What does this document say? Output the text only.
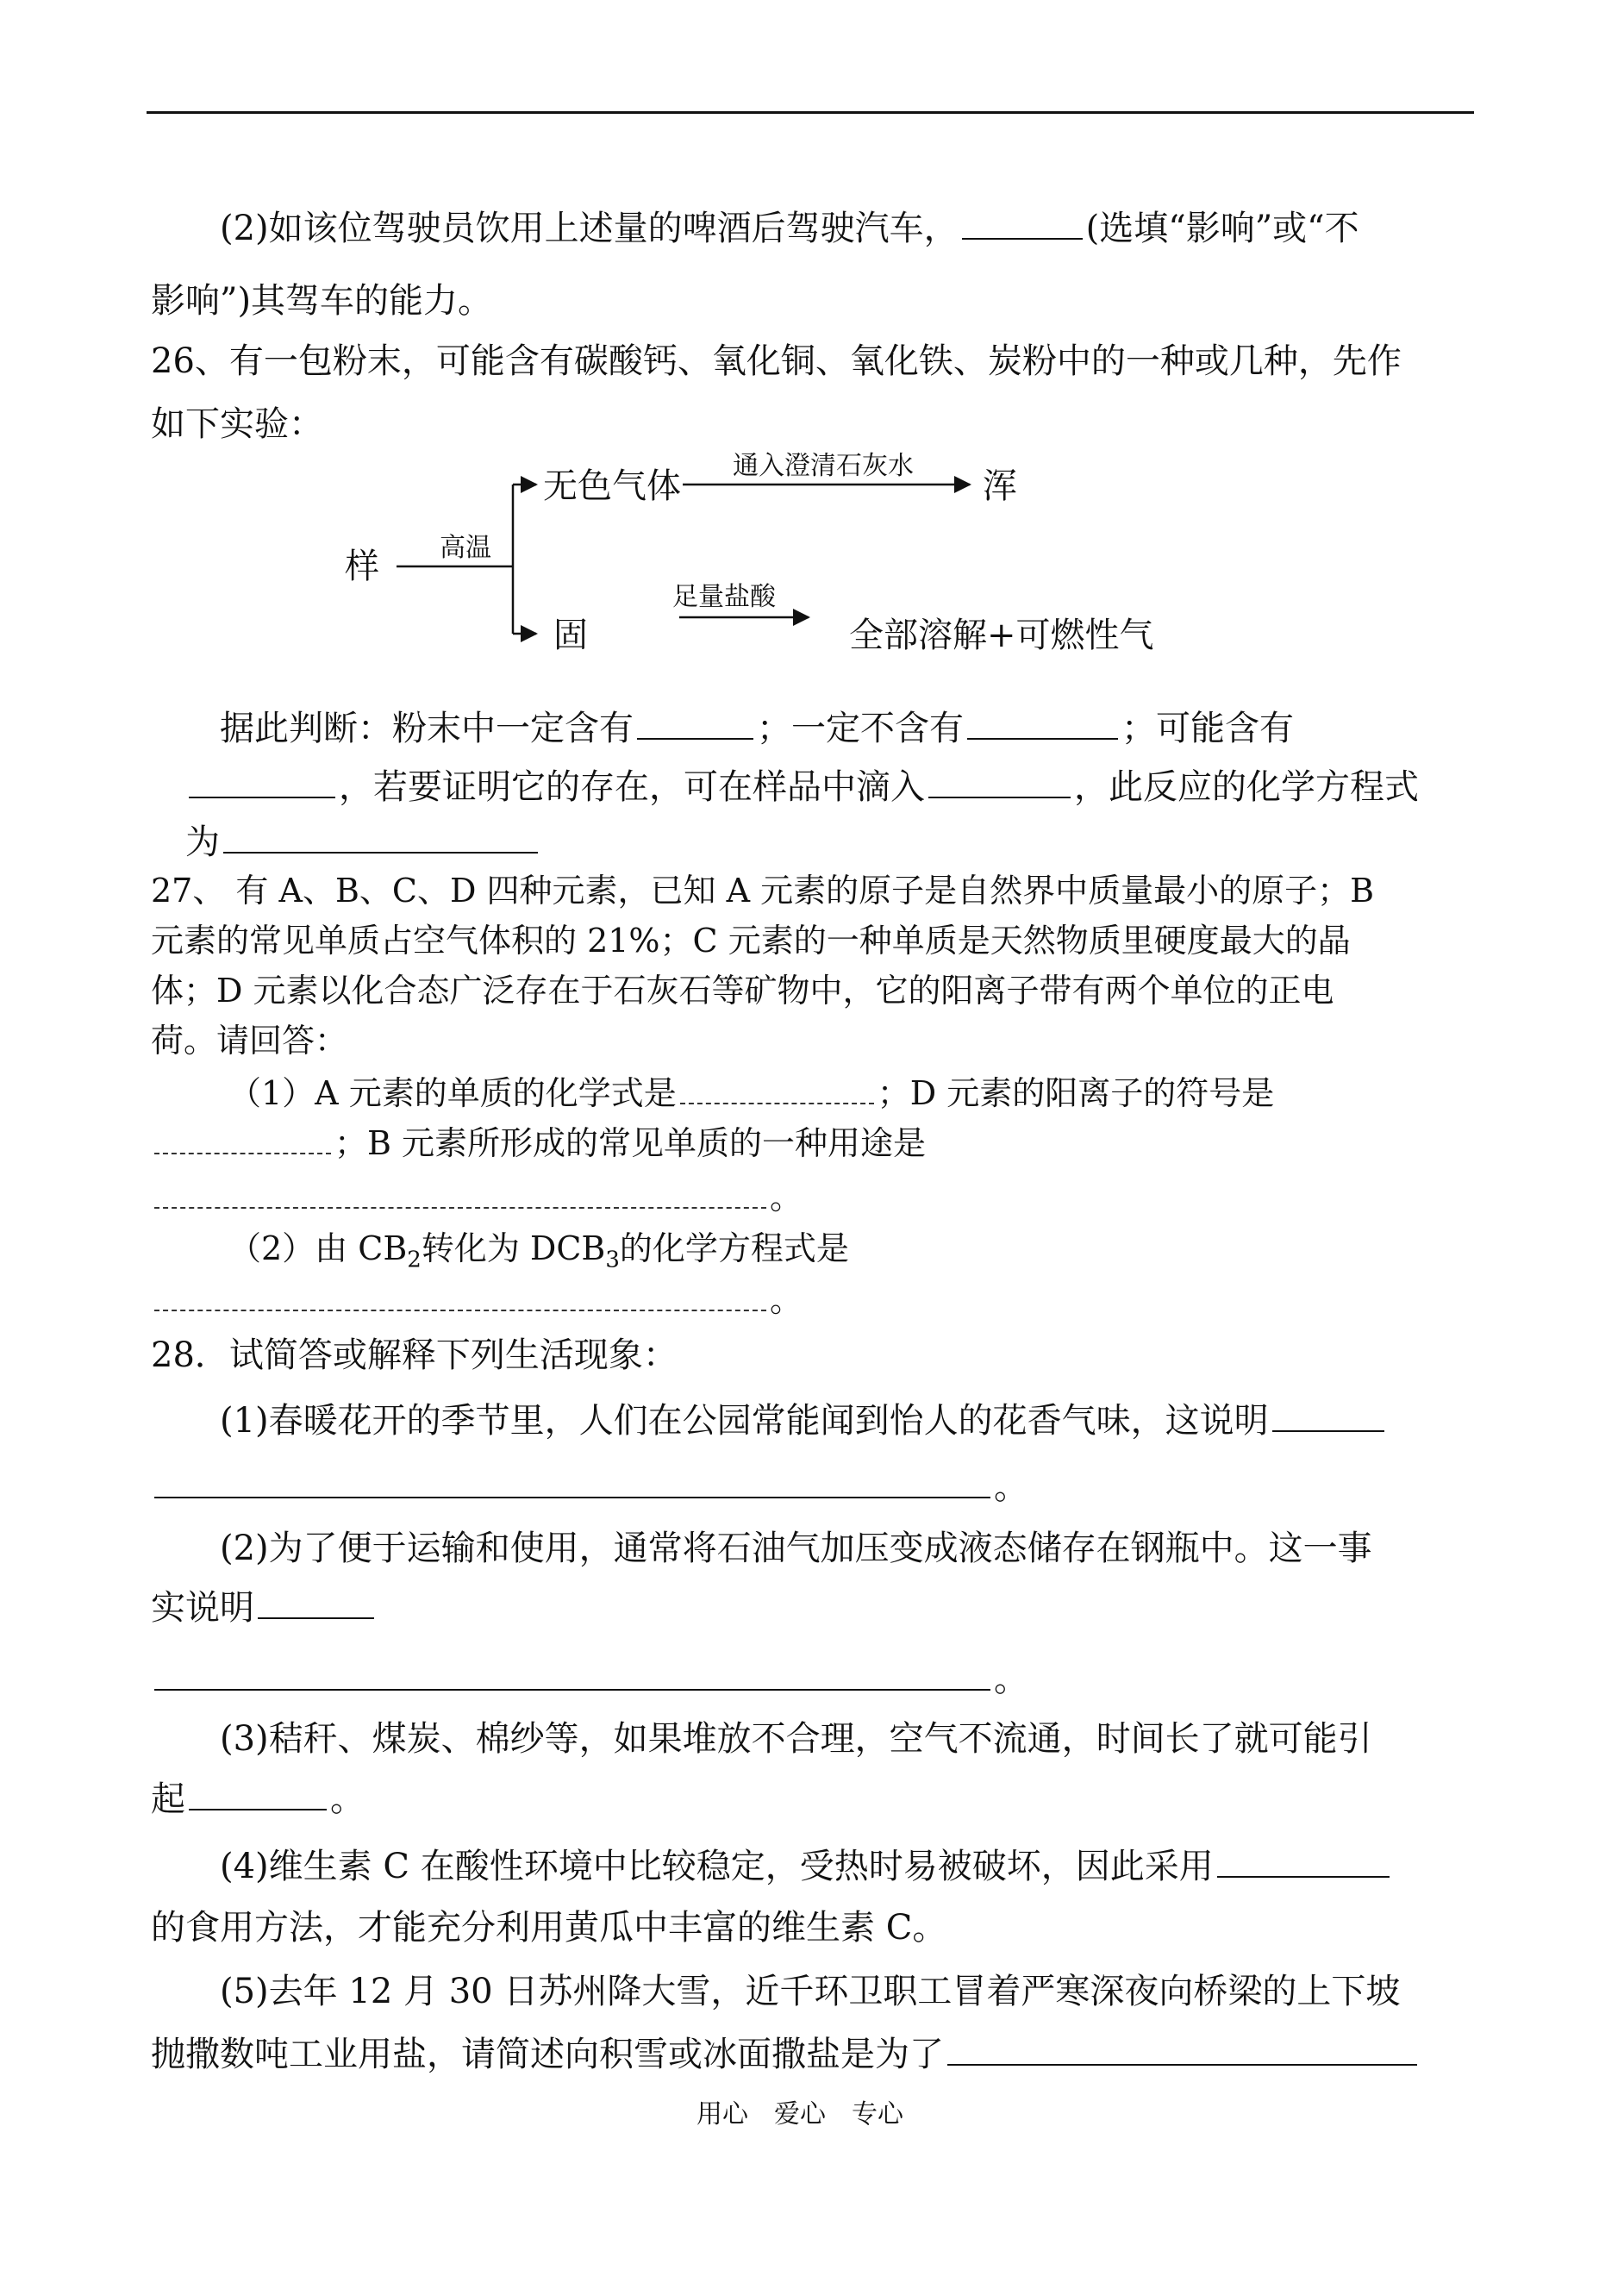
(2)如该位驾驶员饮用上述量的啤酒后驾驶汽车，	(选填“影响”或“不
影响”)其驾车的能力。
26、有一包粉末，可能含有碳酸钙、氧化铜、氧化铁、炭粉中的一种或几种，先作
如下实验：
样 高温
无色气体
通入澄清石灰水
浑
固
足量盐酸
全部溶解+可燃性气
据此判断：粉末中一定含有	；一定不含有	；可能含有
，若要证明它的存在，可在样品中滴入	，此反应的化学方程式
为
27、 有 A、B、C、D 四种元素，已知 A 元素的原子是自然界中质量最小的原子；B
元素的常见单质占空气体积的 21%；C 元素的一种单质是天然物质里硬度最大的晶
体；D 元素以化合态广泛存在于石灰石等矿物中，它的阳离子带有两个单位的正电
荷。请回答：
（1）A 元素的单质的化学式是	；D 元素的阳离子的符号是
；B 元素所形成的常见单质的一种用途是
。
（2）由 $CB_2$转化为 $DCB_3$的化学方程式是
。
28．试简答或解释下列生活现象：
(1)春暖花开的季节里，人们在公园常能闻到怡人的花香气味，这说明
。
(2)为了便于运输和使用，通常将石油气加压变成液态储存在钢瓶中。这一事
实说明
。
(3)秸秆、煤炭、棉纱等，如果堆放不合理，空气不流通，时间长了就可能引
起	。
(4)维生素 C 在酸性环境中比较稳定，受热时易被破坏，因此采用
的食用方法，才能充分利用黄瓜中丰富的维生素 C。
(5)去年 12 月 30 日苏州降大雪，近千环卫职工冒着严寒深夜向桥梁的上下坡
抛撒数吨工业用盐，请简述向积雪或冰面撒盐是为了
用心　爱心　专心
